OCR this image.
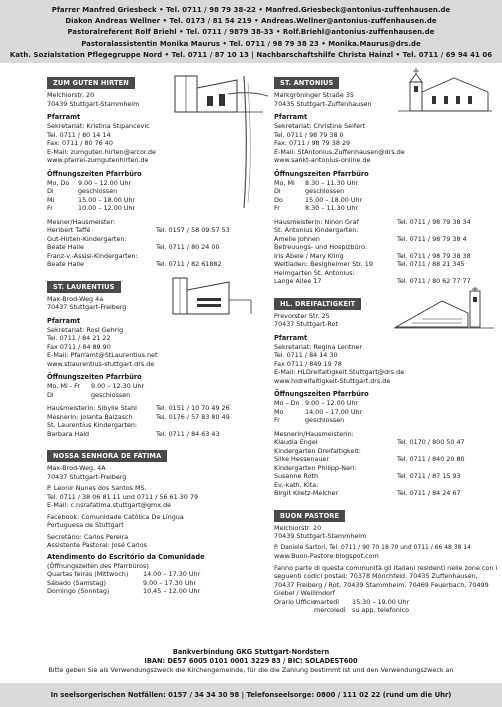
Pfarrer Manfred Griesbeck • Tel. 0711 / 98 79 38-22 • Manfred.Griesbeck@antonius-zuffenhausen.de
Diakon Andreas Wellner • Tel. 0173 / 81 54 219 • Andreas.Wellner@antonius-zuffenhausen.de
Pastoralreferent Rolf Briehl • Tel. 0711 / 9879 38-33 • Rolf.Briehl@antonius-zuffenhausen.de
Pastoralassistentin Monika Maurus • Tel. 0711 / 98 79 38 23 • Monika.Maurus@drs.de
Kath. Sozialstation Pflegegruppe Nord • Tel. 0711 / 87 10 13 | Nachbarschaftshilfe Christa Hainzl • Tel. 0711 / 69 94 41 06
ZUM GUTEN HIRTEN
Melchiorstr. 20
70439 Stuttgart-Stammheim
Pfarramt
Sekretariat: Kristina Stipancevic
Tel. 0711 / 80 14 14
Fax: 0711 / 80 76 40
E-Mail: zumguten.hirten@arcor.de
www.pfarrei-zumgutenhirten.de
Öffnungszeiten Pfarrbüro
Mo, Do	9.00 – 12.00 Uhr
Di	geschlossen
Mi	15.00 – 18.00 Uhr
Fr	10.00 – 12.00 Uhr
Mesner/Hausmeister:
Heribert Taffé	Tel. 0157 / 58 09 57 53
Gut-Hirten-Kindergarten:
Beate Haile	Tel. 0711 / 80 24 00
Franz-v.-Assisi-Kindergarten:
Beate Haile	Tel. 0711 / 82 61882
ST. LAURENTIUS
Max-Brod-Weg 4a
70437 Stuttgart-Freiberg
Pfarramt
Sekretariat: Rosi Gehrig
Tel. 0711 / 84 21 22
Fax 0711 / 84 89 90
E-Mail: Pfarramt@StLaurentius.net
www.stlaurentius-stuttgart.drs.de
Öffnungszeiten Pfarrbüro
Mo, Mi - Fr	9.00 – 12.30 Uhr
Di	geschlossen
Hausmeisterin: Sibylle Stahl	Tel. 0151 / 10 70 49 26
Mesnerin: Jolanta Balzasch	Tel. 0176 / 57 83 80 49
St. Laurentius Kindergarten:
Barbara Hald	Tel. 0711 / 84 63 43
NOSSA SENHORA DE FÁTIMA
Max-Brod-Weg, 4A
70437 Stuttgart-Freiberg
P. Leonir Nunes dos Santos MS.
Tel. 0711 / 38 06 81 11 und 0711 / 56 61 30 79
E-Mail: c.nsrafatima.stuttgart@gmx.de
Facebook: Comunidade Católica De Língua
Portuguesa de Stuttgart
Secretário: Carlos Pereira
Assistente Pastoral: José Carlos
Atendimento do Escritório da Comunidade
(Öffnungszeiten des Pfarrbüros)
Quartas feiras (Mittwoch)	14.00 – 17.30 Uhr
Sábado (Samstag)	9.00 – 17.30 Uhr
Domingo (Sonntag)	10.45 – 12.00 Uhr
ST. ANTONIUS
Markgröninger Straße 35
70435 Stuttgart-Zuffenhausen
Pfarramt
Sekretariat: Christine Seifert
Tel. 0711 / 98 79 38 0
Fax: 0711 / 98 79 38 29
E-Mail: StAntonius.Zuffenhausen@drs.de
www.sankt-antonius-online.de
Öffnungszeiten Pfarrbüro
Mo, Mi	8.30 – 11.30 Uhr
Di	geschlossen
Do	15.00 – 18.00 Uhr
Fr	8.30 – 11.30 Uhr
Hausmeisterin: Ninon Graf	Tel. 0711 / 98 79 38 34
St. Antonius Kindergarten:
Amelie Johnen	Tel. 0711 / 98 79 38 4
Betreuungs- und Hospizbüro:
Iris Abele / Mary Kling	Tel. 0711 / 98 79 38 38
Weltladen: Besigheimer Str. 19	Tel. 0711 / 88 21 345
Heimgarten St. Antonius:
Lange Allee 17	Tel. 0711 / 80 62 77 77
HL. DREIFALTIGKEIT
Prevorster Str. 25
70437 Stuttgart-Rot
Pfarramt
Sekretariat: Regina Lentner
Tel. 0711 / 84 14 30
Fax 0711 / 849 19 78
E-Mail: HLDreifaltigkeit.Stuttgart@drs.de
www.hldreifaltigkeit-Stuttgart.drs.de
Öffnungszeiten Pfarrbüro
Mo – Do 9.00 – 12.00 Uhr
Mo	14.00 – 17.00 Uhr
Fr	geschlossen
Mesnerin/Hausmeisterin:
Klaudia Engel	Tel. 0170 / 800 50 47
Kindergarten Dreifaltigkeit:
Silke Hessenauer	Tel. 0711 / 840 20 80
Kindergarten Philipp-Neri:
Susanne Roth	Tel. 0711 / 87 15 93
Ev.-kath. Kita:
Birgit Klietz-Melcher	Tel. 0711 / 84 24 67
BUON PASTORE
Melchiorstr. 20
70439 Stuttgart-Stammheim
P. Daniele Sartori, Tel. 0711 / 90 70 18 70 und 0711 / 66 48 38 14
www.Buon-Pastore.blogspot.com
Fanno parte di questa communità gli Italiani residenti nelle zone con i seguenti codici postali: 70378 Mönchfeld, 70435 Zuffenhausen, 70437 Freiberg / Rot, 70439 Stammheim, 70469 Feuerbach, 70499 Giebel / Weilimdorf
Orario Ufficio
martedì	15.30 – 19.00 Uhr
mercoledì su app. telefonico
Bankverbindung GKG Stuttgart-Nordstern
IBAN: DE57 6005 0101 0001 3229 83 / BIC: SOLADEST600
Bitte geben Sie als Verwendungszweck die Kirchengemeinde, für die die Zahlung bestimmt ist und den Verwendungszweck an
In seelsorgerischen Notfällen: 0157 / 34 34 30 98 | Telefonseelsorge: 0800 / 111 02 22 (rund um die Uhr)
